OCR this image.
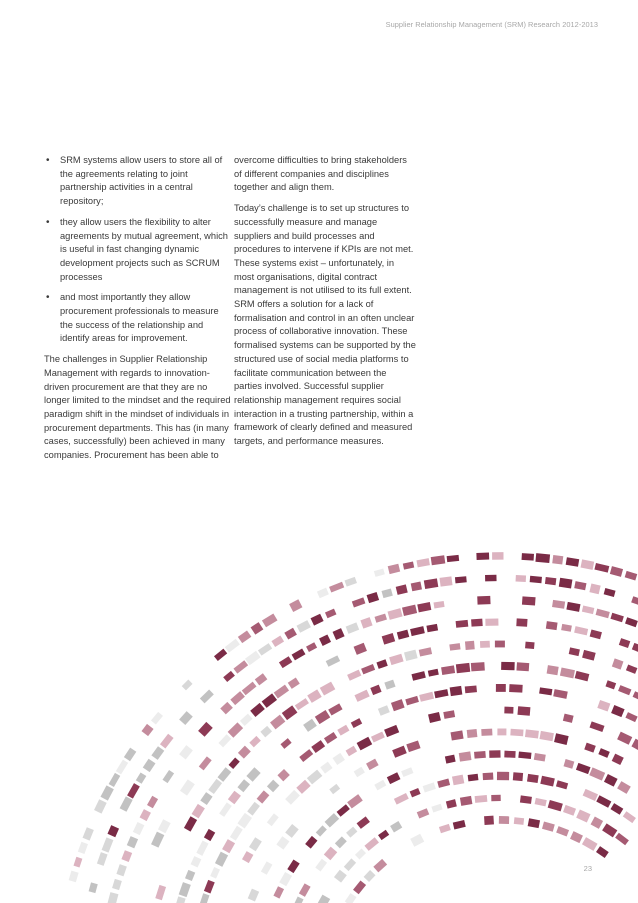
Supplier Relationship Management (SRM) Research 2012-2013
• SRM systems allow users to store all of the agreements relating to joint partnership activities in a central repository;
• they allow users the flexibility to alter agreements by mutual agreement, which is useful in fast changing dynamic development projects such as SCRUM processes
• and most importantly they allow procurement professionals to measure the success of the relationship and identify areas for improvement.

The challenges in Supplier Relationship Management with regards to innovation-driven procurement are that they are no longer limited to the mindset and the required paradigm shift in the mindset of individuals in procurement departments. This has (in many cases, successfully) been achieved in many companies. Procurement has been able to

overcome difficulties to bring stakeholders of different companies and disciplines together and align them.

Today’s challenge is to set up structures to successfully measure and manage suppliers and build processes and procedures to intervene if KPIs are not met. These systems exist – unfortunately, in most organisations, digital contract management is not utilised to its full extent. SRM offers a solution for a lack of formalisation and control in an often unclear process of collaborative innovation. These formalised systems can be supported by the structured use of social media platforms to facilitate communication between the parties involved. Successful supplier relationship management requires social interaction in a trusting partnership, within a framework of clearly defined and measured targets, and performance measures.

23
